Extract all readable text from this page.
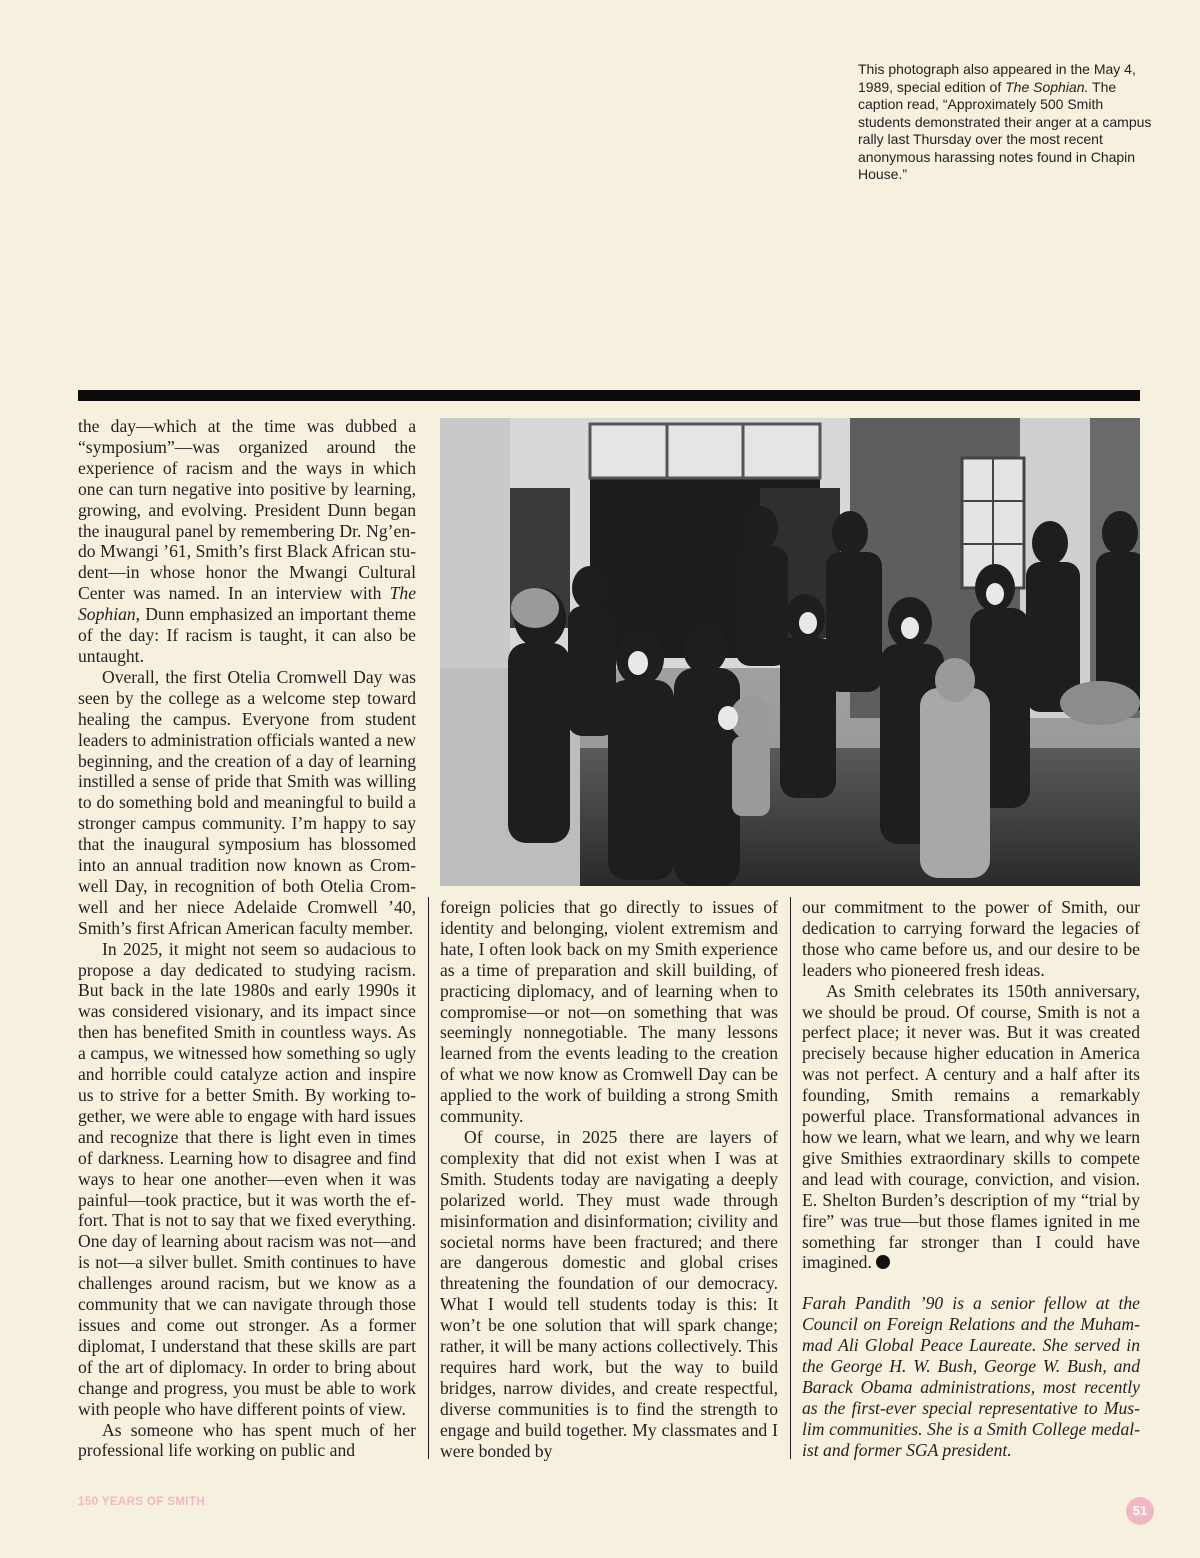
This photograph also appeared in the May 4, 1989, special edition of The Sophian. The caption read, “Approximately 500 Smith students demonstrated their anger at a campus rally last Thursday over the most recent anonymous harassing notes found in Chapin House.”

the day—which at the time was dubbed a “symposium”—was organized around the experience of racism and the ways in which one can turn negative into positive by learning, growing, and evolving. President Dunn began the inaugural panel by remembering Dr. Ng’endo Mwangi ’61, Smith’s first Black African student—in whose honor the Mwangi Cultural Center was named. In an interview with The Sophian, Dunn emphasized an important theme of the day: If racism is taught, it can also be untaught.

Overall, the first Otelia Cromwell Day was seen by the college as a welcome step toward healing the campus. Everyone from student leaders to administration officials wanted a new beginning, and the creation of a day of learning instilled a sense of pride that Smith was willing to do something bold and meaningful to build a stronger campus community. I’m happy to say that the inaugural symposium has blossomed into an annual tradition now known as Cromwell Day, in recognition of both Otelia Cromwell and her niece Adelaide Cromwell ’40, Smith’s first African American faculty member.

In 2025, it might not seem so audacious to propose a day dedicated to studying racism. But back in the late 1980s and early 1990s it was considered visionary, and its impact since then has benefited Smith in countless ways. As a campus, we witnessed how something so ugly and horrible could catalyze action and inspire us to strive for a better Smith. By working together, we were able to engage with hard issues and recognize that there is light even in times of darkness. Learning how to disagree and find ways to hear one another—even when it was painful—took practice, but it was worth the effort. That is not to say that we fixed everything. One day of learning about racism was not—and is not—a silver bullet. Smith continues to have challenges around racism, but we know as a community that we can navigate through those issues and come out stronger. As a former diplomat, I understand that these skills are part of the art of diplomacy. In order to bring about change and progress, you must be able to work with people who have different points of view.

As someone who has spent much of her professional life working on public and

foreign policies that go directly to issues of identity and belonging, violent extremism and hate, I often look back on my Smith experience as a time of preparation and skill building, of practicing diplomacy, and of learning when to compromise—or not—on something that was seemingly nonnegotiable. The many lessons learned from the events leading to the creation of what we now know as Cromwell Day can be applied to the work of building a strong Smith community.

Of course, in 2025 there are layers of complexity that did not exist when I was at Smith. Students today are navigating a deeply polarized world. They must wade through misinformation and disinformation; civility and societal norms have been fractured; and there are dangerous domestic and global crises threatening the foundation of our democracy. What I would tell students today is this: It won’t be one solution that will spark change; rather, it will be many actions collectively. This requires hard work, but the way to build bridges, narrow divides, and create respectful, diverse communities is to find the strength to engage and build together. My classmates and I were bonded by

our commitment to the power of Smith, our dedication to carrying forward the legacies of those who came before us, and our desire to be leaders who pioneered fresh ideas.

As Smith celebrates its 150th anniversary, we should be proud. Of course, Smith is not a perfect place; it never was. But it was created precisely because higher education in America was not perfect. A century and a half after its founding, Smith remains a remarkably powerful place. Transformational advances in how we learn, what we learn, and why we learn give Smithies extraordinary skills to compete and lead with courage, conviction, and vision. E. Shelton Burden’s description of my “trial by fire” was true—but those flames ignited in me something far stronger than I could have imagined.

Farah Pandith ’90 is a senior fellow at the Council on Foreign Relations and the Muhammad Ali Global Peace Laureate. She served in the George H. W. Bush, George W. Bush, and Barack Obama administrations, most recently as the first-ever special representative to Muslim communities. She is a Smith College medalist and former SGA president.

150 YEARS OF SMITH
51
